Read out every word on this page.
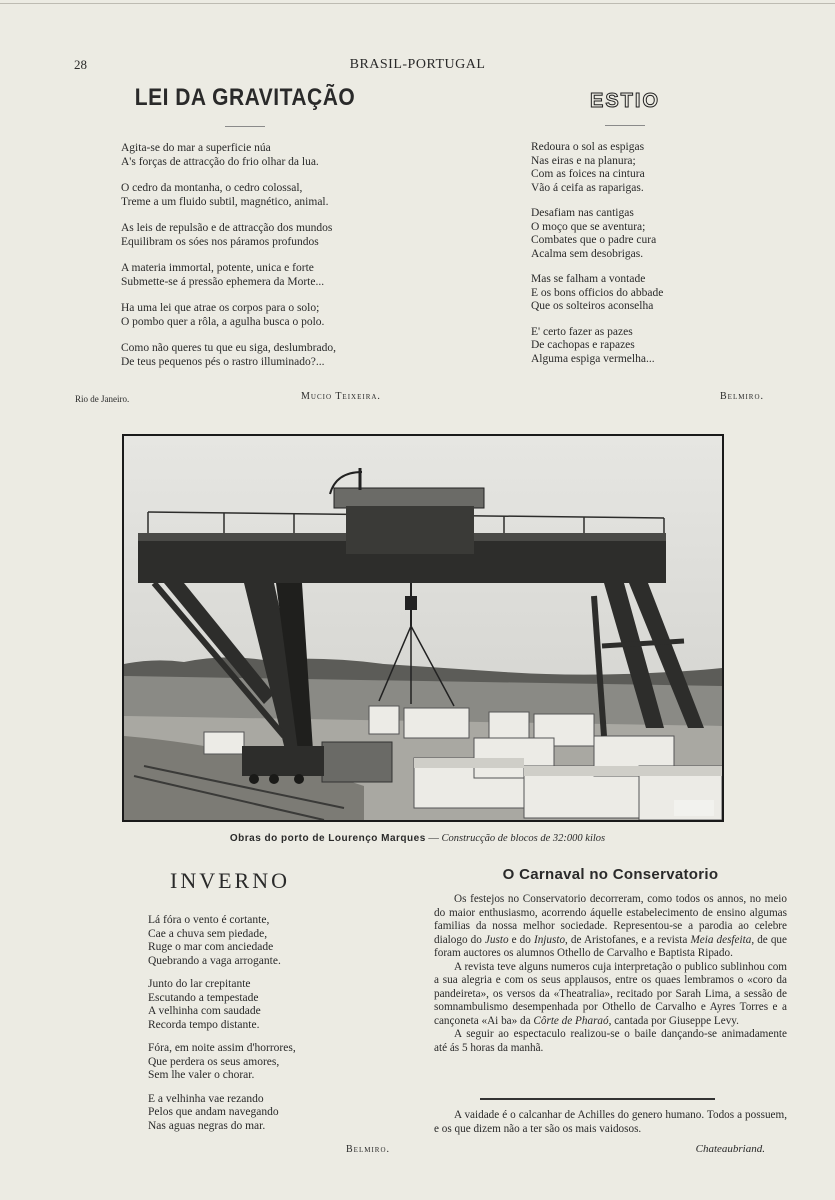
28	BRASIL-PORTUGAL
LEI DA GRAVITAÇÃO
Agita-se do mar a superficie núa
A's forças de attracção do frio olhar da lua.
O cedro da montanha, o cedro colossal,
Treme a um fluido subtil, magnético, animal.
As leis de repulsão e de attracção dos mundos
Equilibram os sóes nos páramos profundos
A materia immortal, potente, unica e forte
Submette-se á pressão ephemera da Morte...
Ha uma lei que atrae os corpos para o solo;
O pombo quer a rôla, a agulha busca o polo.
Como não queres tu que eu siga, deslumbrado,
De teus pequenos pés o rastro illuminado?...
Rio de Janeiro.	Mucio Teixeira.
ESTIO
Redoura o sol as espigas
Nas eiras e na planura;
Com as foices na cintura
Vão á ceifa as raparigas.
Desafiam nas cantigas
O moço que se aventura;
Combates que o padre cura
Acalma sem desobrigas.
Mas se falham a vontade
E os bons officios do abbade
Que os solteiros aconselha
E' certo fazer as pazes
De cachopas e rapazes
Alguma espiga vermelha...
Belmiro.
Obras do porto de Lourenço Marques — Construcção de blocos de 32:000 kilos
INVERNO
Lá fóra o vento é cortante,
Cae a chuva sem piedade,
Ruge o mar com anciedade
Quebrando a vaga arrogante.
Junto do lar crepitante
Escutando a tempestade
A velhinha com saudade
Recorda tempo distante.
Fóra, em noite assim d'horrores,
Que perdera os seus amores,
Sem lhe valer o chorar.
E a velhinha vae rezando
Pelos que andam navegando
Nas aguas negras do mar.
Belmiro.
O Carnaval no Conservatorio

Os festejos no Conservatorio decorreram, como todos os annos, no meio do maior enthusiasmo, acorrendo áquelle estabelecimento de ensino algumas familias da nossa melhor sociedade. Representou-se a parodia ao celebre dialogo do Justo e do Injusto, de Aristofanes, e a revista Meia desfeita, de que foram auctores os alumnos Othello de Carvalho e Baptista Ripado.

A revista teve alguns numeros cuja interpretação o publico sublinhou com a sua alegria e com os seus applausos, entre os quaes lembramos o «coro da pandeireta», os versos da «Theatralia», recitado por Sarah Lima, a sessão de somnambulismo desempenhada por Othello de Carvalho e Ayres Torres e a cançoneta «Ai ba» da Côrte de Pharaó, cantada por Giuseppe Levy.

A seguir ao espectaculo realizou-se o baile dançando-se animadamente até ás 5 horas da manhã.

A vaidade é o calcanhar de Achilles do genero humano. Todos a possuem, e os que dizem não a ter são os mais vaidosos.

Chateaubriand.
